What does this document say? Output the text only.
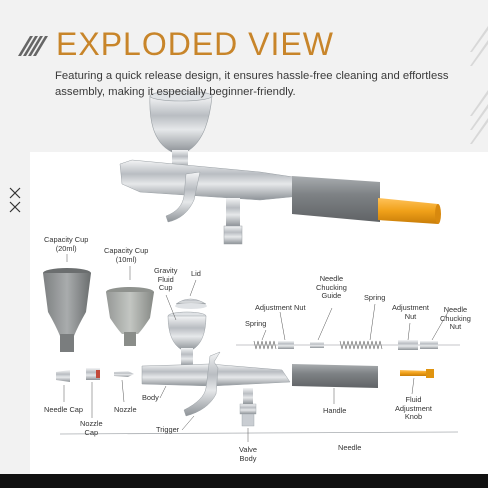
EXPLODED VIEW
Featuring a quick release design, it ensures hassle-free cleaning and effortless assembly, making it especially beginner-friendly.
Capacity Cup
(20ml)	Capacity Cup
(10ml)
Gravity
Fluid
Cup
Lid
Spring
Adjustment Nut
Needle
Chucking
Guide	Spring
Adjustment
Nut
Needle
Chucking
Nut
Needle Cap
Nozzle
Cap
Nozzle
Body
Trigger
Handle
Fluid
Adjustment
Knob
Needle
Valve
Body
